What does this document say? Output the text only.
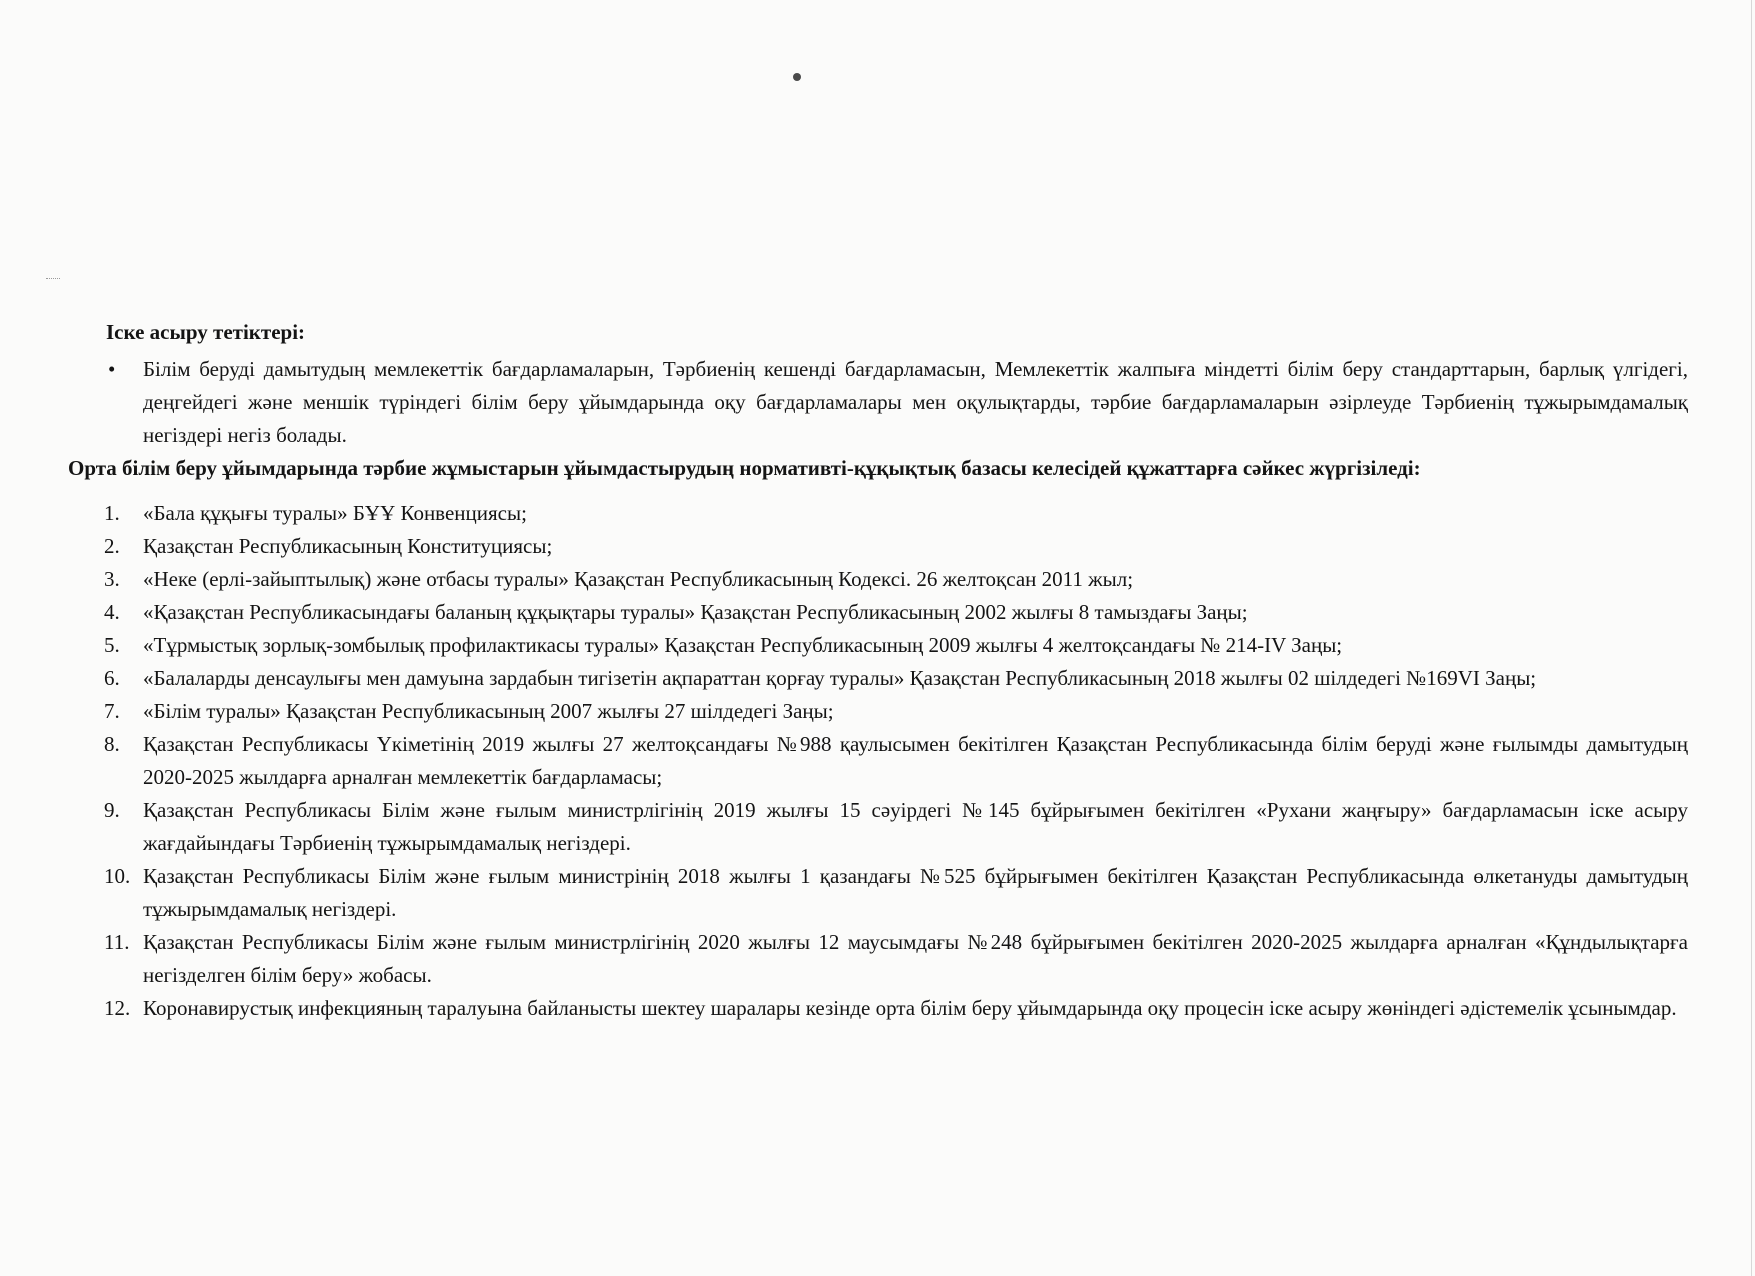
Іске асыру тетіктері:
• Білім беруді дамытудың мемлекеттік бағдарламаларын, Тәрбиенің кешенді бағдарламасын, Мемлекеттік жалпыға міндетті білім беру стандарттарын, барлық үлгідегі, деңгейдегі және меншік түріндегі білім беру ұйымдарында оқу бағдарламалары мен оқулықтарды, тәрбие бағдарламаларын әзірлеуде Тәрбиенің тұжырымдамалық негіздері негіз болады.
Орта білім беру ұйымдарында тәрбие жұмыстарын ұйымдастырудың нормативті-құқықтық базасы келесідей құжаттарға сәйкес жүргізіледі:
1.	«Бала құқығы туралы» БҰҰ Конвенциясы;
2.	Қазақстан Республикасының Конституциясы;
3.	«Неке (ерлі-зайыптылық) және отбасы туралы» Қазақстан Республикасының Кодексі. 26 желтоқсан 2011 жыл;
4.	«Қазақстан Республикасындағы баланың құқықтары туралы» Қазақстан Республикасының 2002 жылғы 8 тамыздағы Заңы;
5.	«Тұрмыстық зорлық-зомбылық профилактикасы туралы» Қазақстан Республикасының 2009 жылғы 4 желтоқсандағы № 214-IV Заңы;
6.	«Балаларды денсаулығы мен дамуына зардабын тигізетін ақпараттан қорғау туралы» Қазақстан Республикасының 2018 жылғы 02 шілдедегі №169VI Заңы;
7.	«Білім туралы» Қазақстан Республикасының 2007 жылғы 27 шілдедегі Заңы;
8.	Қазақстан Республикасы Үкіметінің 2019 жылғы 27 желтоқсандағы №988 қаулысымен бекітілген Қазақстан Республикасында білім беруді және ғылымды дамытудың 2020-2025 жылдарға арналған мемлекеттік бағдарламасы;
9.	Қазақстан Республикасы Білім және ғылым министрлігінің 2019 жылғы 15 сәуірдегі №145 бұйрығымен бекітілген «Рухани жаңғыру» бағдарламасын іске асыру жағдайындағы Тәрбиенің тұжырымдамалық негіздері.
10. Қазақстан Республикасы Білім және ғылым министрінің 2018 жылғы 1 қазандағы №525 бұйрығымен бекітілген Қазақстан Республикасында өлкетануды дамытудың тұжырымдамалық негіздері.
11. Қазақстан Республикасы Білім және ғылым министрлігінің 2020 жылғы 12 маусымдағы №248 бұйрығымен бекітілген 2020-2025 жылдарға арналған «Құндылықтарға негізделген білім беру» жобасы.
12. Коронавирустық инфекцияның таралуына байланысты шектеу шаралары кезінде орта білім беру ұйымдарында оқу процесін іске асыру жөніндегі әдістемелік ұсынымдар.
